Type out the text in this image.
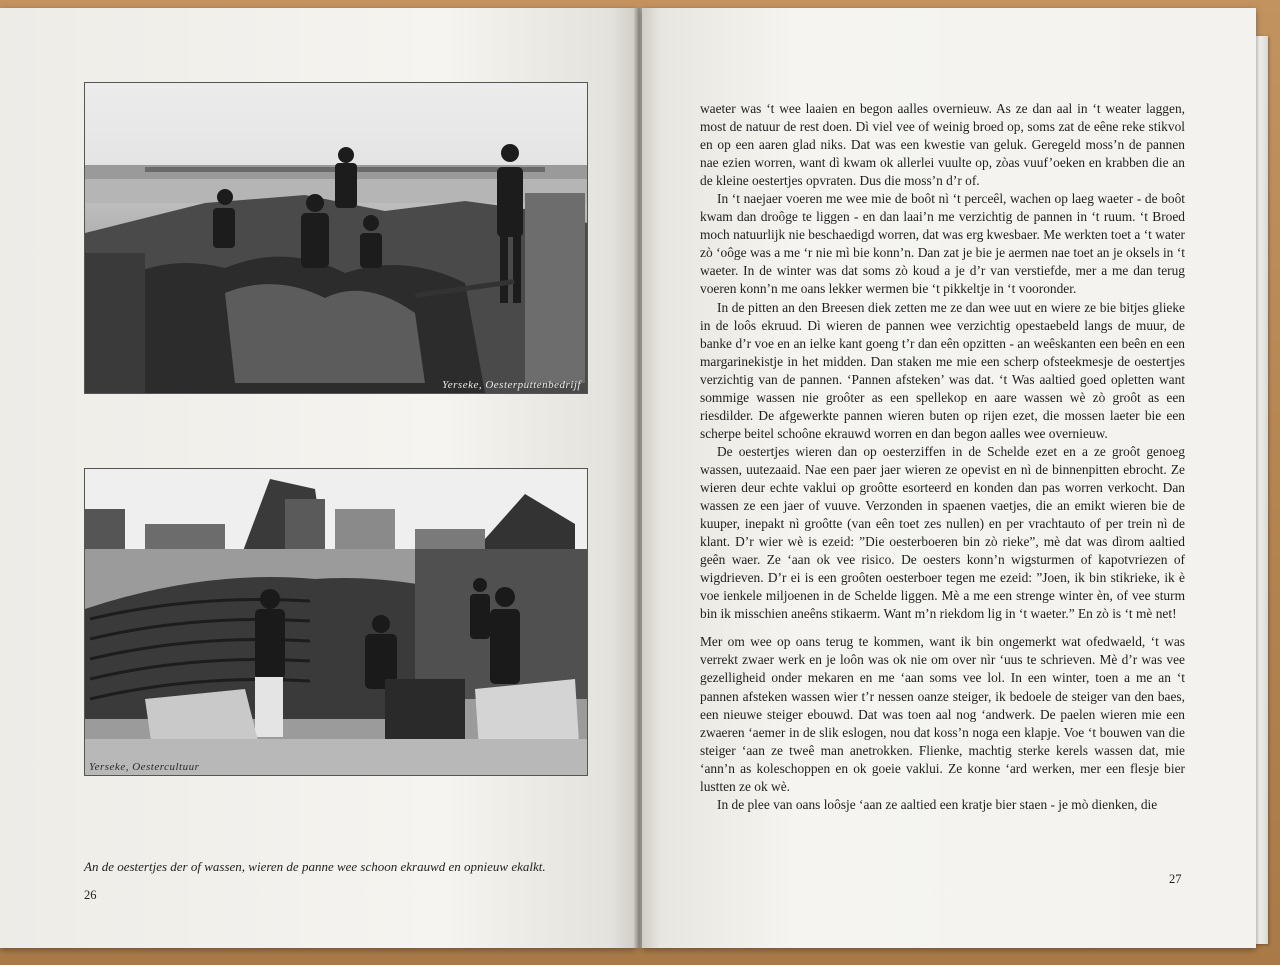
Yerseke, Oesterputtenbedrijf
Yerseke, Oestercultuur
An de oestertjes der of wassen, wieren de panne wee schoon ekrauwd en opnieuw ekalkt.
26

waeter was ‘t wee laaien en begon aalles overnieuw. As ze dan aal in ‘t weater laggen, most de natuur de rest doen. Dì viel vee of weinig broed op, soms zat de eêne reke stikvol en op een aaren glad niks. Dat was een kwestie van geluk. Geregeld moss’n de pannen nae ezien worren, want dì kwam ok allerlei vuulte op, zòas vuuf’oeken en krabben die an de kleine oestertjes opvraten. Dus die moss’n d’r of.

In ‘t naejaer voeren me wee mie de boôt nì ‘t perceêl, wachen op laeg waeter - de boôt kwam dan droôge te liggen - en dan laai’n me verzichtig de pannen in ‘t ruum. ‘t Broed moch natuurlijk nie beschaedigd worren, dat was erg kwesbaer. Me werkten toet a ‘t water zò ‘oôge was a me ‘r nie mì bie konn’n. Dan zat je bie je aermen nae toet an je oksels in ‘t waeter. In de winter was dat soms zò koud a je d’r van verstiefde, mer a me dan terug voeren konn’n me oans lekker wermen bie ‘t pikkeltje in ‘t vooronder.

In de pitten an den Breesen diek zetten me ze dan wee uut en wiere ze bie bitjes glieke in de loôs ekruud. Dì wieren de pannen wee verzichtig opestaebeld langs de muur, de banke d’r voe en an ielke kant goeng t’r dan eên opzitten - an weêskanten een beên en een margarinekistje in het midden. Dan staken me mie een scherp ofsteekmesje de oestertjes verzichtig van de pannen. ‘Pannen afsteken’ was dat. ‘t Was aaltied goed opletten want sommige wassen nie groôter as een spellekop en aare wassen wè zò groôt as een riesdilder. De afgewerkte pannen wieren buten op rijen ezet, die mossen laeter bie een scherpe beitel schoône ekrauwd worren en dan begon aalles wee overnieuw.

De oestertjes wieren dan op oesterziffen in de Schelde ezet en a ze groôt genoeg wassen, uutezaaid. Nae een paer jaer wieren ze opevist en nì de binnenpitten ebrocht. Ze wieren deur echte vaklui op groôtte esorteerd en konden dan pas worren verkocht. Dan wassen ze een jaer of vuuve. Verzonden in spaenen vaetjes, die an emikt wieren bie de kuuper, inepakt nì groôtte (van eên toet zes nullen) en per vrachtauto of per trein nì de klant. D’r wier wè is ezeid: ”Die oesterboeren bin zò rieke”, mè dat was dìrom aaltied geên waer. Ze ‘aan ok vee risico. De oesters konn’n wigsturmen of kapotvriezen of wigdrieven. D’r ei is een groôten oesterboer tegen me ezeid: ”Joen, ik bin stikrieke, ik è voe ienkele miljoenen in de Schelde liggen. Mè a me een strenge winter èn, of vee sturm bin ik misschien aneêns stikaerm. Want m’n riekdom lig in ‘t waeter.” En zò is ‘t mè net!

Mer om wee op oans terug te kommen, want ik bin ongemerkt wat ofedwaeld, ‘t was verrekt zwaer werk en je loôn was ok nie om over nìr ‘uus te schrieven. Mè d’r was vee gezelligheid onder mekaren en me ‘aan soms vee lol. In een winter, toen a me an ‘t pannen afsteken wassen wier t’r nessen oanze steiger, ik bedoele de steiger van den baes, een nieuwe steiger ebouwd. Dat was toen aal nog ‘andwerk. De paelen wieren mie een zwaeren ‘aemer in de slik eslogen, nou dat koss’n noga een klapje. Voe ‘t bouwen van die steiger ‘aan ze tweê man anetrokken. Flienke, machtig sterke kerels wassen dat, mie ‘ann’n as koleschoppen en ok goeie vaklui. Ze konne ‘ard werken, mer een flesje bier lustten ze ok wè.

In de plee van oans loôsje ‘aan ze aaltied een kratje bier staen - je mò dienken, die

27
